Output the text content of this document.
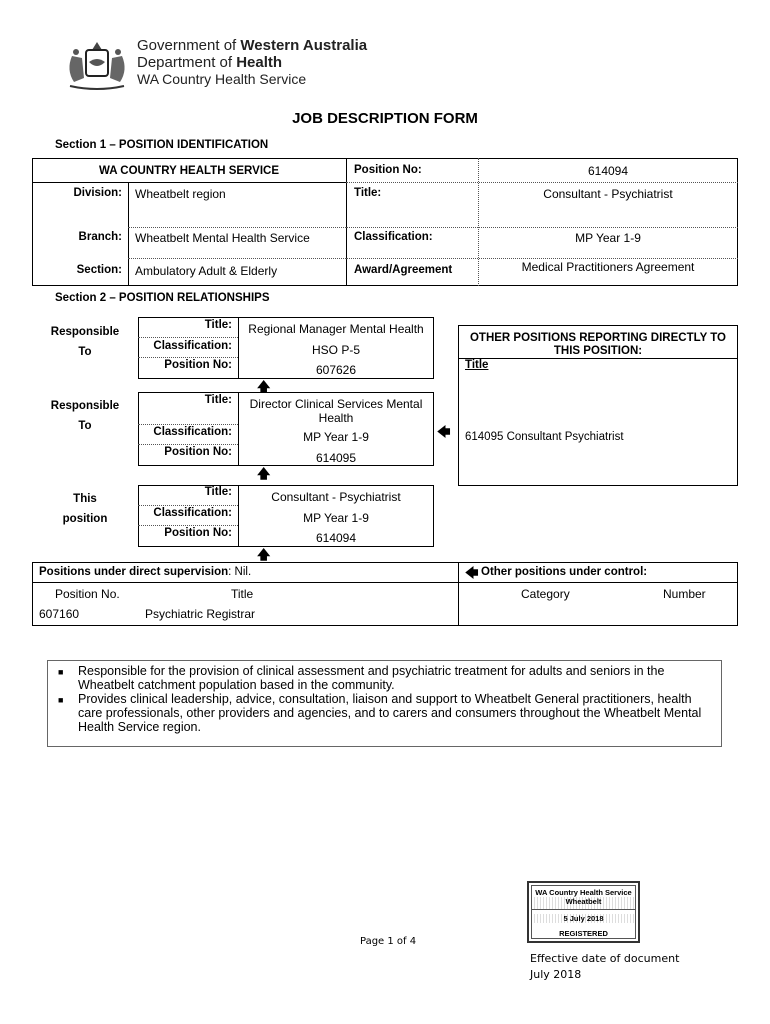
Government of Western Australia
Department of Health
WA Country Health Service
JOB DESCRIPTION FORM
Section 1 – POSITION IDENTIFICATION
WA COUNTRY HEALTH SERVICE	Position No:	614094
Division: Wheatbelt region	Title:	Consultant - Psychiatrist
Branch: Wheatbelt Mental Health Service	Classification:	MP Year 1-9
Section: Ambulatory Adult & Elderly	Award/Agreement	Medical Practitioners Agreement
Section 2 – POSITION RELATIONSHIPS
Responsible
To
Title:	Regional Manager Mental Health
Classification:	HSO P-5
Position No:	607626
🡅
Responsible
To
Title:	Director Clinical Services Mental
Health
Classification:	MP Year 1-9
Position No:	614095
🡄
🡅
This
position
Title:	Consultant - Psychiatrist
Classification:	MP Year 1-9
Position No:	614094
🡅
OTHER POSITIONS REPORTING DIRECTLY TO
THIS POSITION:
Title
614095 Consultant Psychiatrist
Positions under direct supervision: Nil.
Position No.	Title
607160	Psychiatric Registrar
🡄 Other positions under control:
Category	Number
■ Responsible for the provision of clinical assessment and psychiatric treatment for adults and seniors in the Wheatbelt catchment population based in the community.
■ Provides clinical leadership, advice, consultation, liaison and support to Wheatbelt General practitioners, health care professionals, other providers and agencies, and to carers and consumers throughout the Wheatbelt Mental Health Service region.
WA Country Health Service
Wheatbelt
5 July 2018
REGISTERED
Page 1 of 4
Effective date of document
July 2018
